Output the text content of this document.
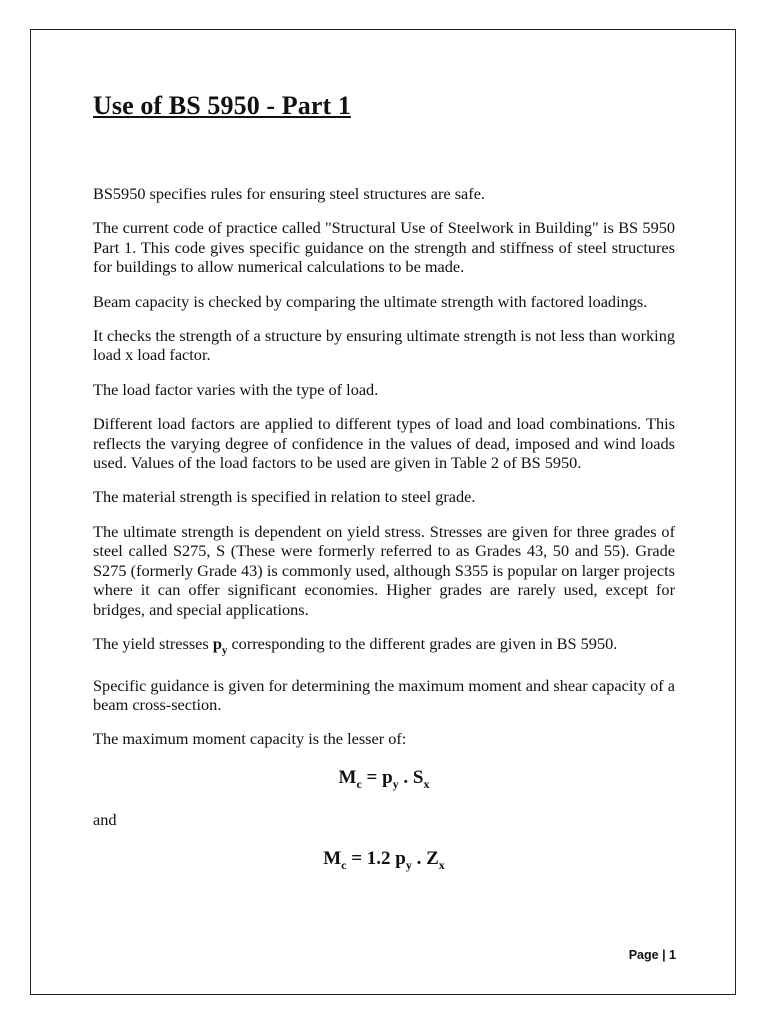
Use of BS 5950 - Part 1

BS5950 specifies rules for ensuring steel structures are safe.

The current code of practice called "Structural Use of Steelwork in Building" is BS 5950 Part 1. This code gives specific guidance on the strength and stiffness of steel structures for buildings to allow numerical calculations to be made.

Beam capacity is checked by comparing the ultimate strength with factored loadings.

It checks the strength of a structure by ensuring ultimate strength is not less than working load x load factor.

The load factor varies with the type of load.

Different load factors are applied to different types of load and load combinations. This reflects the varying degree of confidence in the values of dead, imposed and wind loads used. Values of the load factors to be used are given in Table 2 of BS 5950.

The material strength is specified in relation to steel grade.

The ultimate strength is dependent on yield stress. Stresses are given for three grades of steel called S275, S (These were formerly referred to as Grades 43, 50 and 55). Grade S275 (formerly Grade 43) is commonly used, although S355 is popular on larger projects where it can offer significant economies. Higher grades are rarely used, except for bridges, and special applications.

The yield stresses $p_y$ corresponding to the different grades are given in BS 5950.

Specific guidance is given for determining the maximum moment and shear capacity of a beam cross-section.

The maximum moment capacity is the lesser of:

$M_c = p_y$ . $S_x$

and

$M_c = 1.2$ $p_y$ . $Z_x$
Page | 1
